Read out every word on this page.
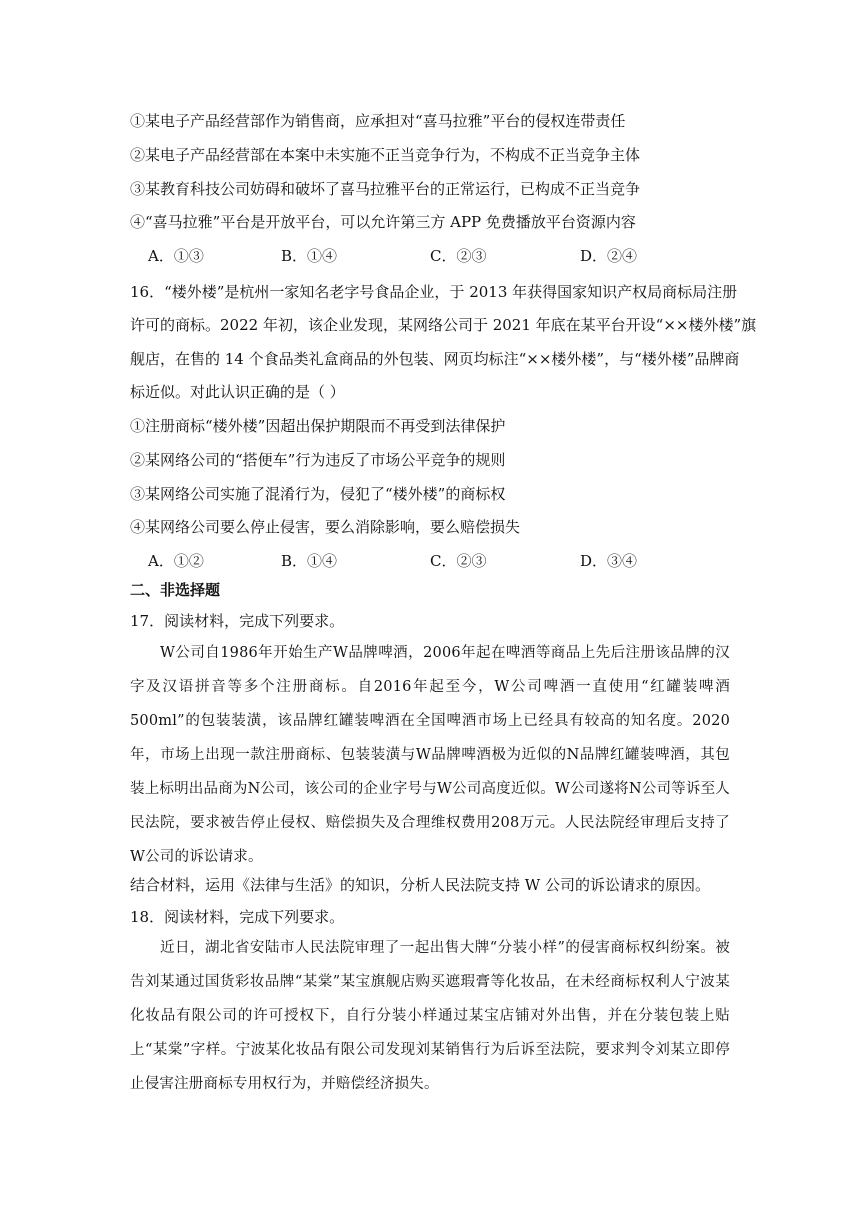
①某电子产品经营部作为销售商，应承担对“喜马拉雅”平台的侵权连带责任
②某电子产品经营部在本案中未实施不正当竞争行为，不构成不正当竞争主体
③某教育科技公司妨碍和破坏了喜马拉雅平台的正常运行，已构成不正当竞争
④“喜马拉雅”平台是开放平台，可以允许第三方 APP 免费播放平台资源内容
A．①③	B．①④	C．②③	D．②④
16．“楼外楼”是杭州一家知名老字号食品企业，于 2013 年获得国家知识产权局商标局注册
许可的商标。2022 年初，该企业发现，某网络公司于 2021 年底在某平台开设“××楼外楼”旗
舰店，在售的 14 个食品类礼盒商品的外包装、网页均标注“××楼外楼”，与“楼外楼”品牌商
标近似。对此认识正确的是（ ）
①注册商标“楼外楼”因超出保护期限而不再受到法律保护
②某网络公司的“搭便车”行为违反了市场公平竞争的规则
③某网络公司实施了混淆行为，侵犯了“楼外楼”的商标权
④某网络公司要么停止侵害，要么消除影响，要么赔偿损失
A．①②	B．①④	C．②③	D．③④
二、非选择题
17．阅读材料，完成下列要求。
W公司自1986年开始生产W品牌啤酒，2006年起在啤酒等商品上先后注册该品牌的汉字及汉语拼音等多个注册商标。自2016年起至今，W公司啤酒一直使用“红罐装啤酒500ml”的包装装潢，该品牌红罐装啤酒在全国啤酒市场上已经具有较高的知名度。2020年，市场上出现一款注册商标、包装装潢与W品牌啤酒极为近似的N品牌红罐装啤酒，其包装上标明出品商为N公司，该公司的企业字号与W公司高度近似。W公司遂将N公司等诉至人民法院，要求被告停止侵权、赔偿损失及合理维权费用208万元。人民法院经审理后支持了W公司的诉讼请求。
结合材料，运用《法律与生活》的知识，分析人民法院支持 W 公司的诉讼请求的原因。
18．阅读材料，完成下列要求。
近日，湖北省安陆市人民法院审理了一起出售大牌“分装小样”的侵害商标权纠纷案。被告刘某通过国货彩妆品牌“某棠”某宝旗舰店购买遮瑕膏等化妆品，在未经商标权利人宁波某化妆品有限公司的许可授权下，自行分装小样通过某宝店铺对外出售，并在分装包装上贴上“某棠”字样。宁波某化妆品有限公司发现刘某销售行为后诉至法院，要求判令刘某立即停止侵害注册商标专用权行为，并赔偿经济损失。
